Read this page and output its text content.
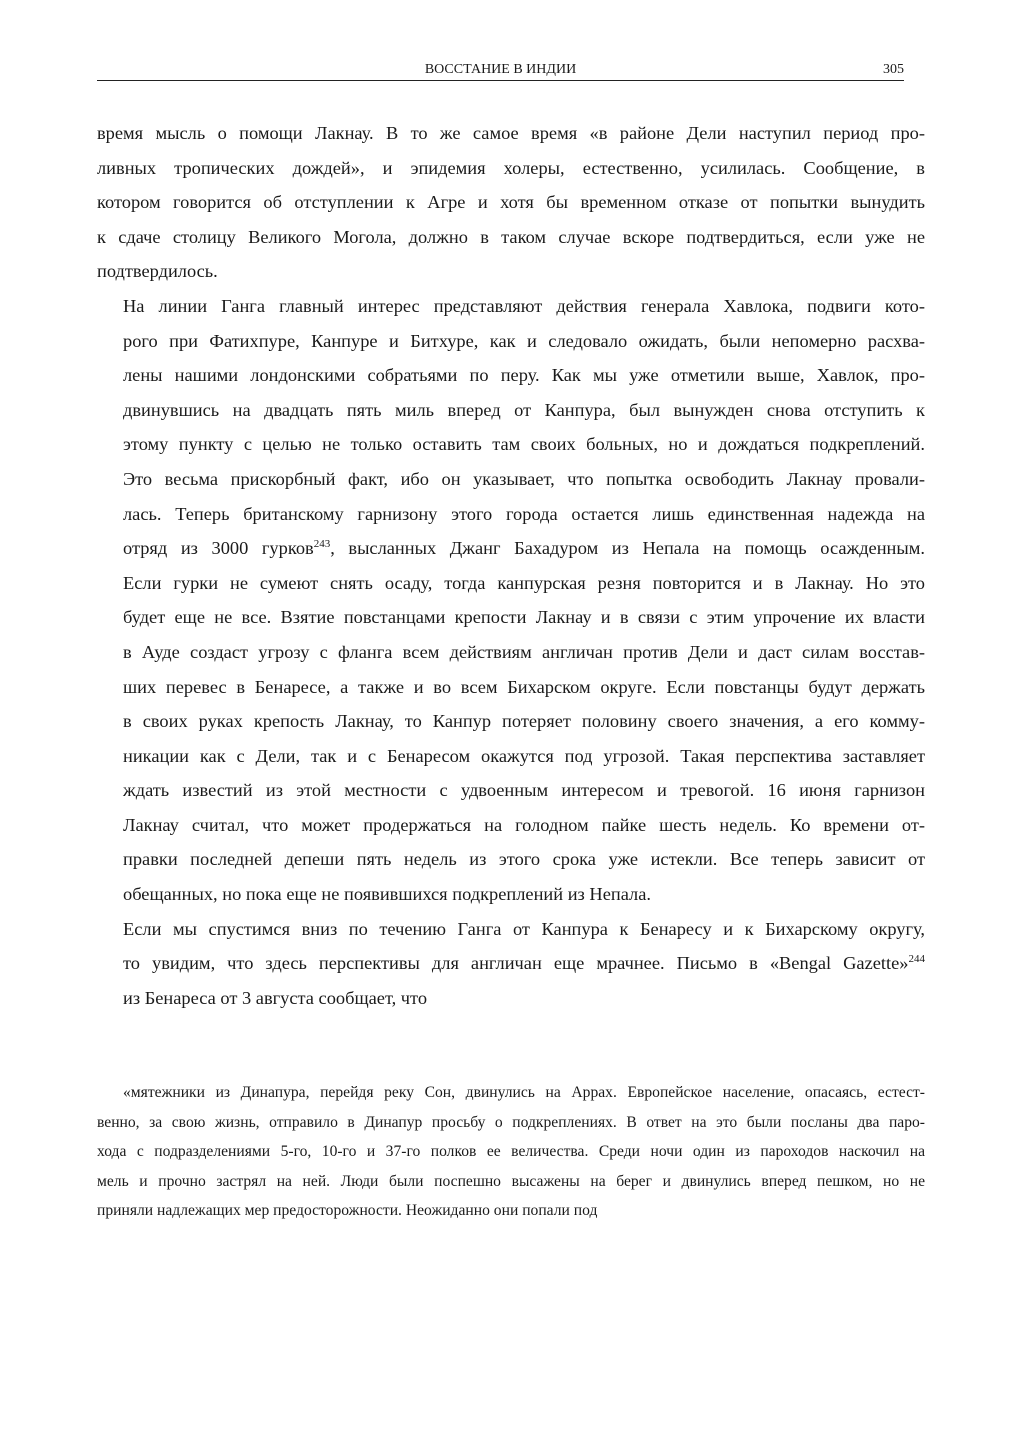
ВОССТАНИЕ В ИНДИИ	305
время мысль о помощи Лакнау. В то же самое время «в районе Дели наступил период про-
ливных тропических дождей», и эпидемия холеры, естественно, усилилась. Сообщение, в
котором говорится об отступлении к Агре и хотя бы временном отказе от попытки вынудить
к сдаче столицу Великого Могола, должно в таком случае вскоре подтвердиться, если уже не
подтвердилось.
На линии Ганга главный интерес представляют действия генерала Хавлока, подвиги кото-
рого при Фатихпуре, Канпуре и Битхуре, как и следовало ожидать, были непомерно расхва-
лены нашими лондонскими собратьями по перу. Как мы уже отметили выше, Хавлок, про-
двинувшись на двадцать пять миль вперед от Канпура, был вынужден снова отступить к
этому пункту с целью не только оставить там своих больных, но и дождаться подкреплений.
Это весьма прискорбный факт, ибо он указывает, что попытка освободить Лакнау провали-
лась. Теперь британскому гарнизону этого города остается лишь единственная надежда на
отряд из 3000 гурков$^{243}$, высланных Джанг Бахадуром из Непала на помощь осажденным.
Если гурки не сумеют снять осаду, тогда канпурская резня повторится и в Лакнау. Но это
будет еще не все. Взятие повстанцами крепости Лакнау и в связи с этим упрочение их власти
в Ауде создаст угрозу с фланга всем действиям англичан против Дели и даст силам восстав-
ших перевес в Бенаресе, а также и во всем Бихарском округе. Если повстанцы будут держать
в своих руках крепость Лакнау, то Канпур потеряет половину своего значения, а его комму-
никации как с Дели, так и с Бенаресом окажутся под угрозой. Такая перспектива заставляет
ждать известий из этой местности с удвоенным интересом и тревогой. 16 июня гарнизон
Лакнау считал, что может продержаться на голодном пайке шесть недель. Ко времени от-
правки последней депеши пять недель из этого срока уже истекли. Все теперь зависит от
обещанных, но пока еще не появившихся подкреплений из Непала.
Если мы спустимся вниз по течению Ганга от Канпура к Бенаресу и к Бихарскому округу,
то увидим, что здесь перспективы для англичан еще мрачнее. Письмо в «Bengal Gazette»$^{244}$
из Бенареса от 3 августа сообщает, что
«мятежники из Динапура, перейдя реку Сон, двинулись на Аррах. Европейское население, опасаясь, естест-
венно, за свою жизнь, отправило в Динапур просьбу о подкреплениях. В ответ на это были посланы два паро-
хода с подразделениями 5-го, 10-го и 37-го полков ее величества. Среди ночи один из пароходов наскочил на
мель и прочно застрял на ней. Люди были поспешно высажены на берег и двинулись вперед пешком, но не
приняли надлежащих мер предосторожности. Неожиданно они попали под
